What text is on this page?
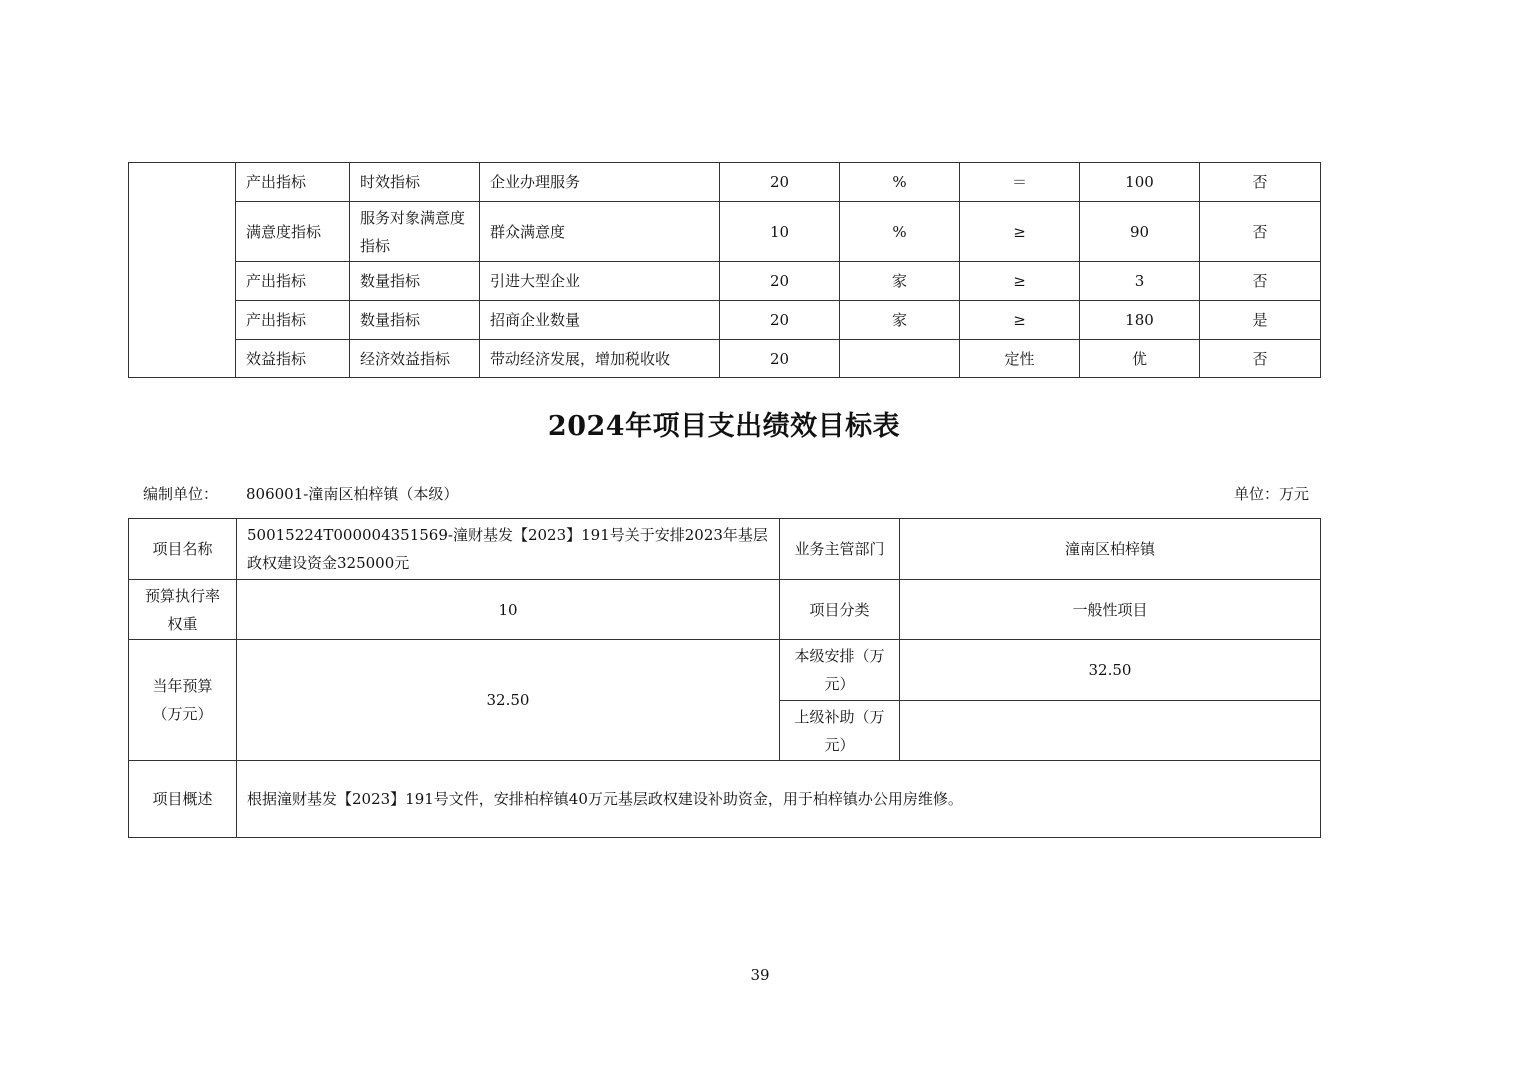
	产出指标	时效指标	企业办理服务	20	%	＝	100	否
	满意度指标	服务对象满意度指标	群众满意度	10	%	≥	90	否
	产出指标	数量指标	引进大型企业	20	家	≥	3	否
	产出指标	数量指标	招商企业数量	20	家	≥	180	是
	效益指标	经济效益指标	带动经济发展，增加税收收	20		定性	优	否
2024年项目支出绩效目标表
编制单位： 806001-潼南区柏梓镇（本级）	单位：万元
项目名称	50015224T000004351569-潼财基发【2023】191号关于安排2023年基层政权建设资金325000元	业务主管部门	潼南区柏梓镇
预算执行率权重	10	项目分类	一般性项目
当年预算（万元）	32.50	本级安排（万元）	32.50
		上级补助（万元）	
项目概述	根据潼财基发【2023】191号文件，安排柏梓镇40万元基层政权建设补助资金，用于柏梓镇办公用房维修。		
39
